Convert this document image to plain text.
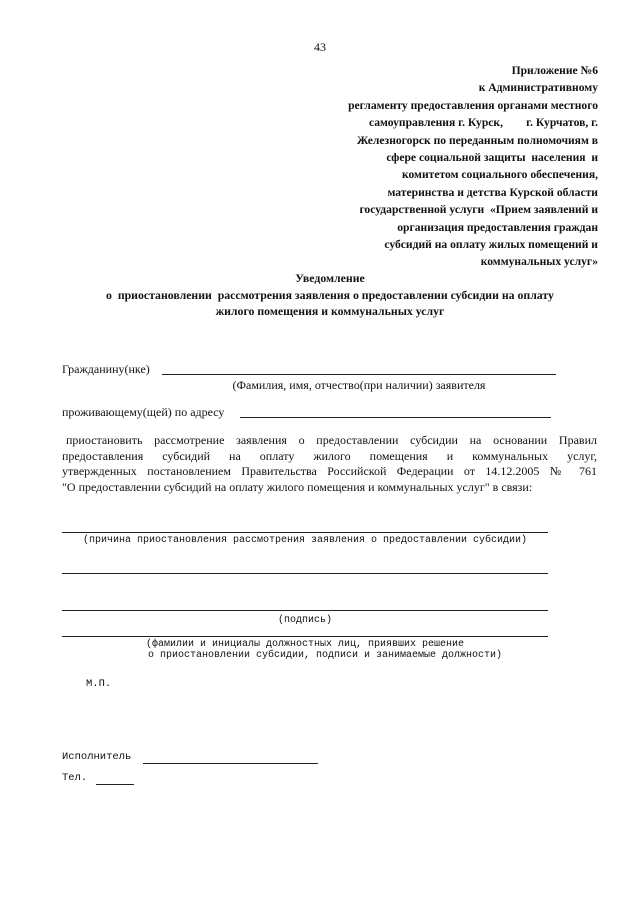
43
Приложение №6
к Административному
регламенту предоставления органами местного
самоуправления г. Курск,        г. Курчатов, г.
Железногорск по переданным полномочиям в
сфере социальной защиты  населения  и
комитетом социального обеспечения,
материнства и детства Курской области
государственной услуги  «Прием заявлений и
организация предоставления граждан
субсидий на оплату жилых помещений и
коммунальных услуг»
Уведомление
о  приостановлении  рассмотрения заявления о предоставлении субсидии на оплату
жилого помещения и коммунальных услуг
Гражданину(нке)
(Фамилия, имя, отчество(при наличии) заявителя
проживающему(щей) по адресу
приостановить рассмотрение заявления о предоставлении субсидии на основании Правил
предоставления субсидий на оплату жилого помещения и коммунальных услуг,
утвержденных постановлением Правительства Российской Федерации от 14.12.2005 № 761
"О предоставлении субсидий на оплату жилого помещения и коммунальных услуг" в связи:
(причина приостановления рассмотрения заявления о предоставлении субсидии)
(подпись)
(фамилии и инициалы должностных лиц, приявших решение
о приостановлении субсидии, подписи и занимаемые должности)
М.П.
Исполнитель
Тел.
